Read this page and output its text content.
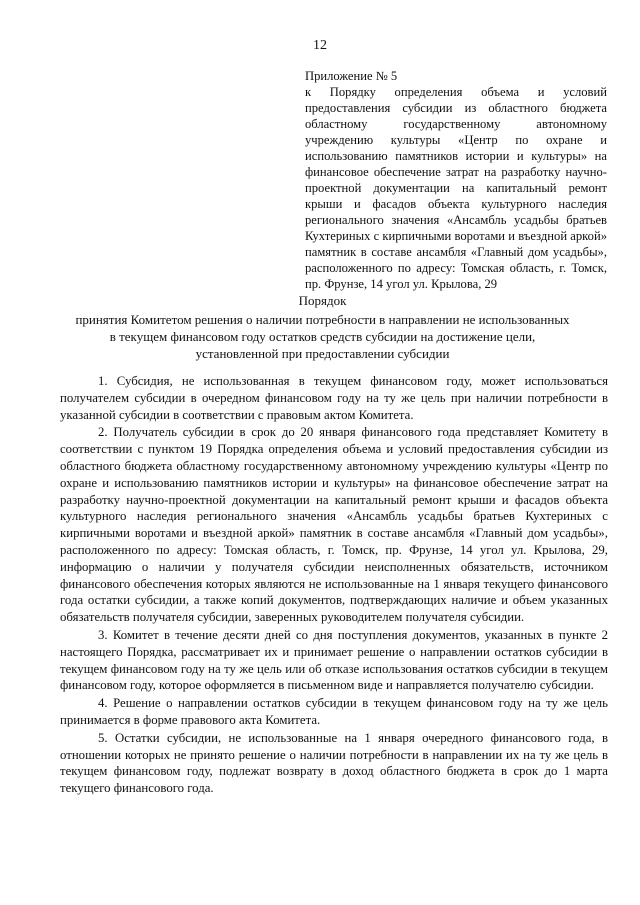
12

Приложение № 5

к Порядку определения объема и условий предоставления субсидии из областного бюджета областному государственному автономному учреждению культуры «Центр по охране и использованию памятников истории и культуры» на финансовое обеспечение затрат на разработку научно-проектной документации на капитальный ремонт крыши и фасадов объекта культурного наследия регионального значения «Ансамбль усадьбы братьев Кухтериных с кирпичными воротами и въездной аркой» памятник в составе ансамбля «Главный дом усадьбы», расположенного по адресу: Томская область, г. Томск, пр. Фрунзе, 14 угол ул. Крылова, 29

Порядок

принятия Комитетом решения о наличии потребности в направлении не использованных

в текущем финансовом году остатков средств субсидии на достижение цели,

установленной при предоставлении субсидии

1. Субсидия, не использованная в текущем финансовом году, может использоваться получателем субсидии в очередном финансовом году на ту же цель при наличии потребности в указанной субсидии в соответствии с правовым актом Комитета.

2. Получатель субсидии в срок до 20 января финансового года представляет Комитету в соответствии с пунктом 19 Порядка определения объема и условий предоставления субсидии из областного бюджета областному государственному автономному учреждению культуры «Центр по охране и использованию памятников истории и культуры» на финансовое обеспечение затрат на разработку научно-проектной документации на капитальный ремонт крыши и фасадов объекта культурного наследия регионального значения «Ансамбль усадьбы братьев Кухтериных с кирпичными воротами и въездной аркой» памятник в составе ансамбля «Главный дом усадьбы», расположенного по адресу: Томская область, г. Томск, пр. Фрунзе, 14 угол ул. Крылова, 29, информацию о наличии у получателя субсидии неисполненных обязательств, источником финансового обеспечения которых являются не использованные на 1 января текущего финансового года остатки субсидии, а также копий документов, подтверждающих наличие и объем указанных обязательств получателя субсидии, заверенных руководителем получателя субсидии.

3. Комитет в течение десяти дней со дня поступления документов, указанных в пункте 2 настоящего Порядка, рассматривает их и принимает решение о направлении остатков субсидии в текущем финансовом году на ту же цель или об отказе использования остатков субсидии в текущем финансовом году, которое оформляется в письменном виде и направляется получателю субсидии.

4. Решение о направлении остатков субсидии в текущем финансовом году на ту же цель принимается в форме правового акта Комитета.

5. Остатки субсидии, не использованные на 1 января очередного финансового года, в отношении которых не принято решение о наличии потребности в направлении их на ту же цель в текущем финансовом году, подлежат возврату в доход областного бюджета в срок до 1 марта текущего финансового года.
